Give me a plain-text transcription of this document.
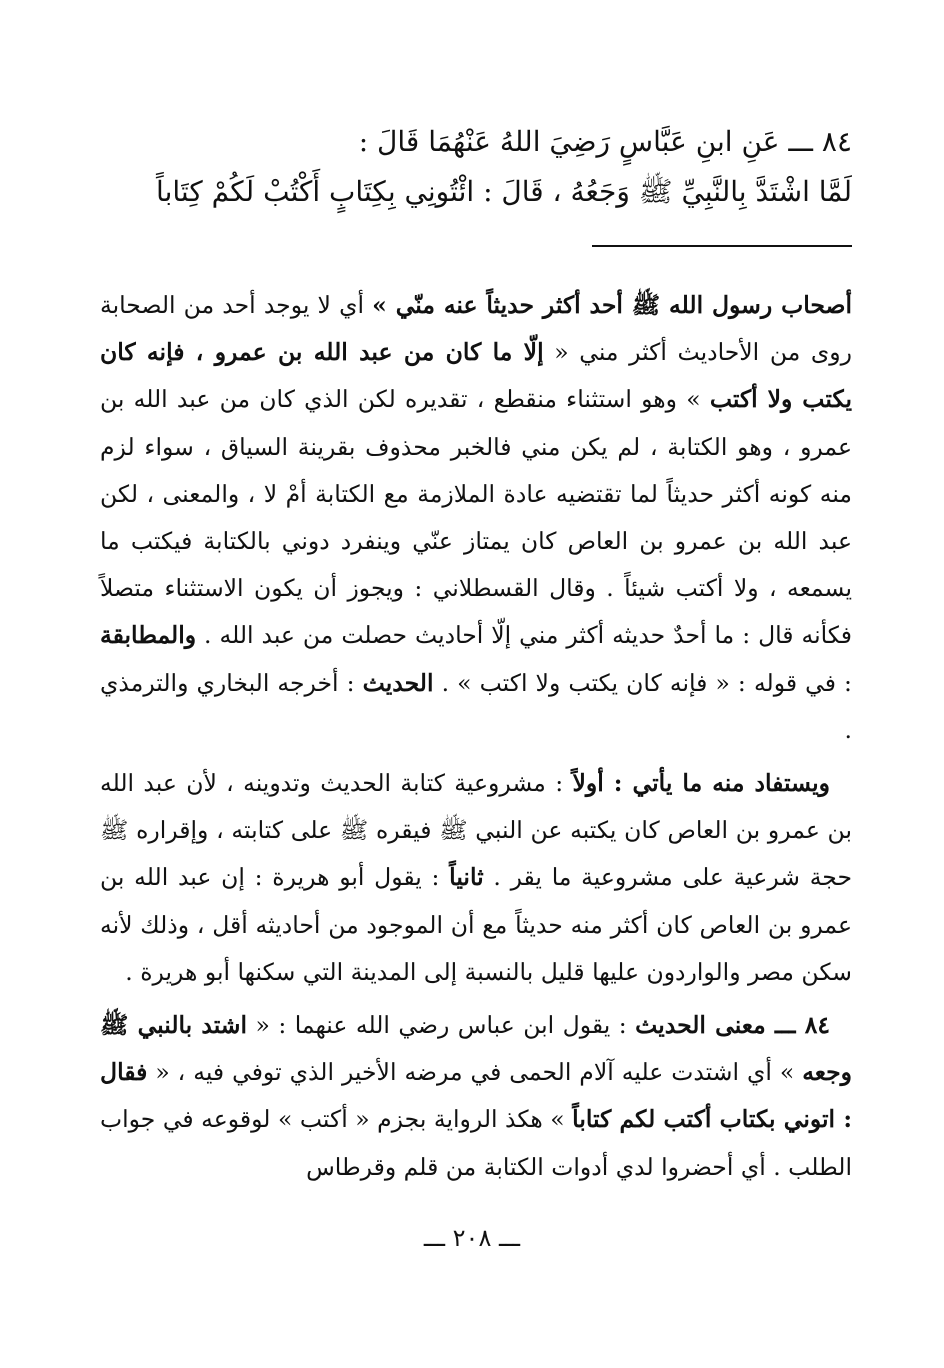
٨٤ ـــ عَنِ ابنِ عَبَّاسٍ رَضِيَ اللهُ عَنْهُمَا قَالَ :
لَمَّا اشْتَدَّ بِالنَّبِيِّ ﷺ وَجَعُهُ ، قَالَ : ائْتُونِي بِكِتَابٍ أَكْتُبْ لَكُمْ كِتَاباً

أصحاب رسول الله ﷺ أحد أكثر حديثاً عنه منّي » أي لا يوجد أحد من الصحابة روى من الأحاديث أكثر مني « إلّا ما كان من عبد الله بن عمرو ، فإنه كان يكتب ولا أكتب » وهو استثناء منقطع ، تقديره لكن الذي كان من عبد الله بن عمرو ، وهو الكتابة ، لم يكن مني فالخبر محذوف بقرينة السياق ، سواء لزم منه كونه أكثر حديثاً لما تقتضيه عادة الملازمة مع الكتابة أمْ لا ، والمعنى ، لكن عبد الله بن عمرو بن العاص كان يمتاز عنّي وينفرد دوني بالكتابة فيكتب ما يسمعه ، ولا أكتب شيئاً . وقال القسطلاني : ويجوز أن يكون الاستثناء متصلاً فكأنه قال : ما أحدٌ حديثه أكثر مني إلّا أحاديث حصلت من عبد الله . والمطابقة : في قوله : « فإنه كان يكتب ولا اكتب » . الحديث : أخرجه البخاري والترمذي .

ويستفاد منه ما يأتي : أولاً : مشروعية كتابة الحديث وتدوينه ، لأن عبد الله بن عمرو بن العاص كان يكتبه عن النبي ﷺ فيقره ﷺ على كتابته ، وإقراره ﷺ حجة شرعية على مشروعية ما يقر . ثانياً : يقول أبو هريرة : إن عبد الله بن عمرو بن العاص كان أكثر منه حديثاً مع أن الموجود من أحاديثه أقل ، وذلك لأنه سكن مصر والواردون عليها قليل بالنسبة إلى المدينة التي سكنها أبو هريرة .

٨٤ ـــ معنى الحديث : يقول ابن عباس رضي الله عنهما : « اشتد بالنبي ﷺ وجعه » أي اشتدت عليه آلام الحمى في مرضه الأخير الذي توفي فيه ، « فقال : اتوني بكتاب أكتب لكم كتاباً » هكذ الرواية بجزم « أكتب » لوقوعه في جواب الطلب . أي أحضروا لدي أدوات الكتابة من قلم وقرطاس

ـــ ٢٠٨ ـــ
